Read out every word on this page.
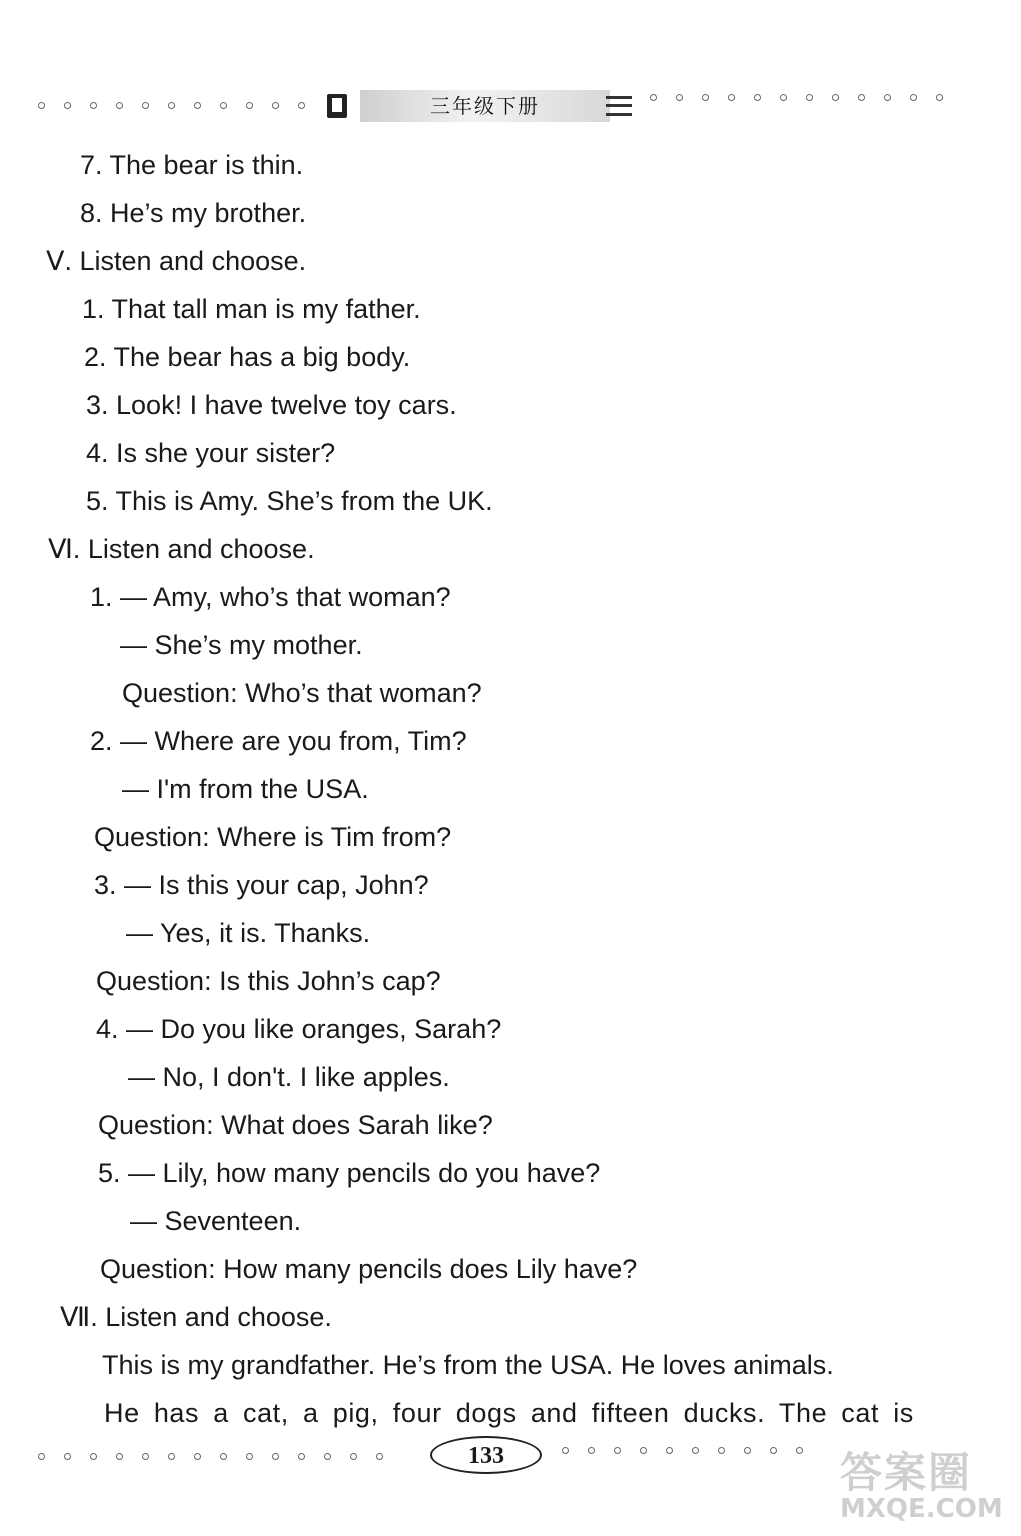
三年级下册
7. The bear is thin.
8. He’s my brother.
Ⅴ. Listen and choose.
1. That tall man is my father.
2. The bear has a big body.
3. Look! I have twelve toy cars.
4. Is she your sister?
5. This is Amy. She’s from the UK.
Ⅵ. Listen and choose.
1. — Amy, who’s that woman?
— She’s my mother.
Question: Who’s that woman?
2. — Where are you from, Tim?
— I'm from the USA.
Question: Where is Tim from?
3. — Is this your cap, John?
— Yes, it is. Thanks.
Question: Is this John’s cap?
4. — Do you like oranges, Sarah?
— No, I don't. I like apples.
Question: What does Sarah like?
5. — Lily, how many pencils do you have?
— Seventeen.
Question: How many pencils does Lily have?
Ⅶ. Listen and choose.
This is my grandfather. He’s from the USA. He loves animals.
He has a cat, a pig, four dogs and fifteen ducks. The cat is
133	答案圈
MXQE.COM
